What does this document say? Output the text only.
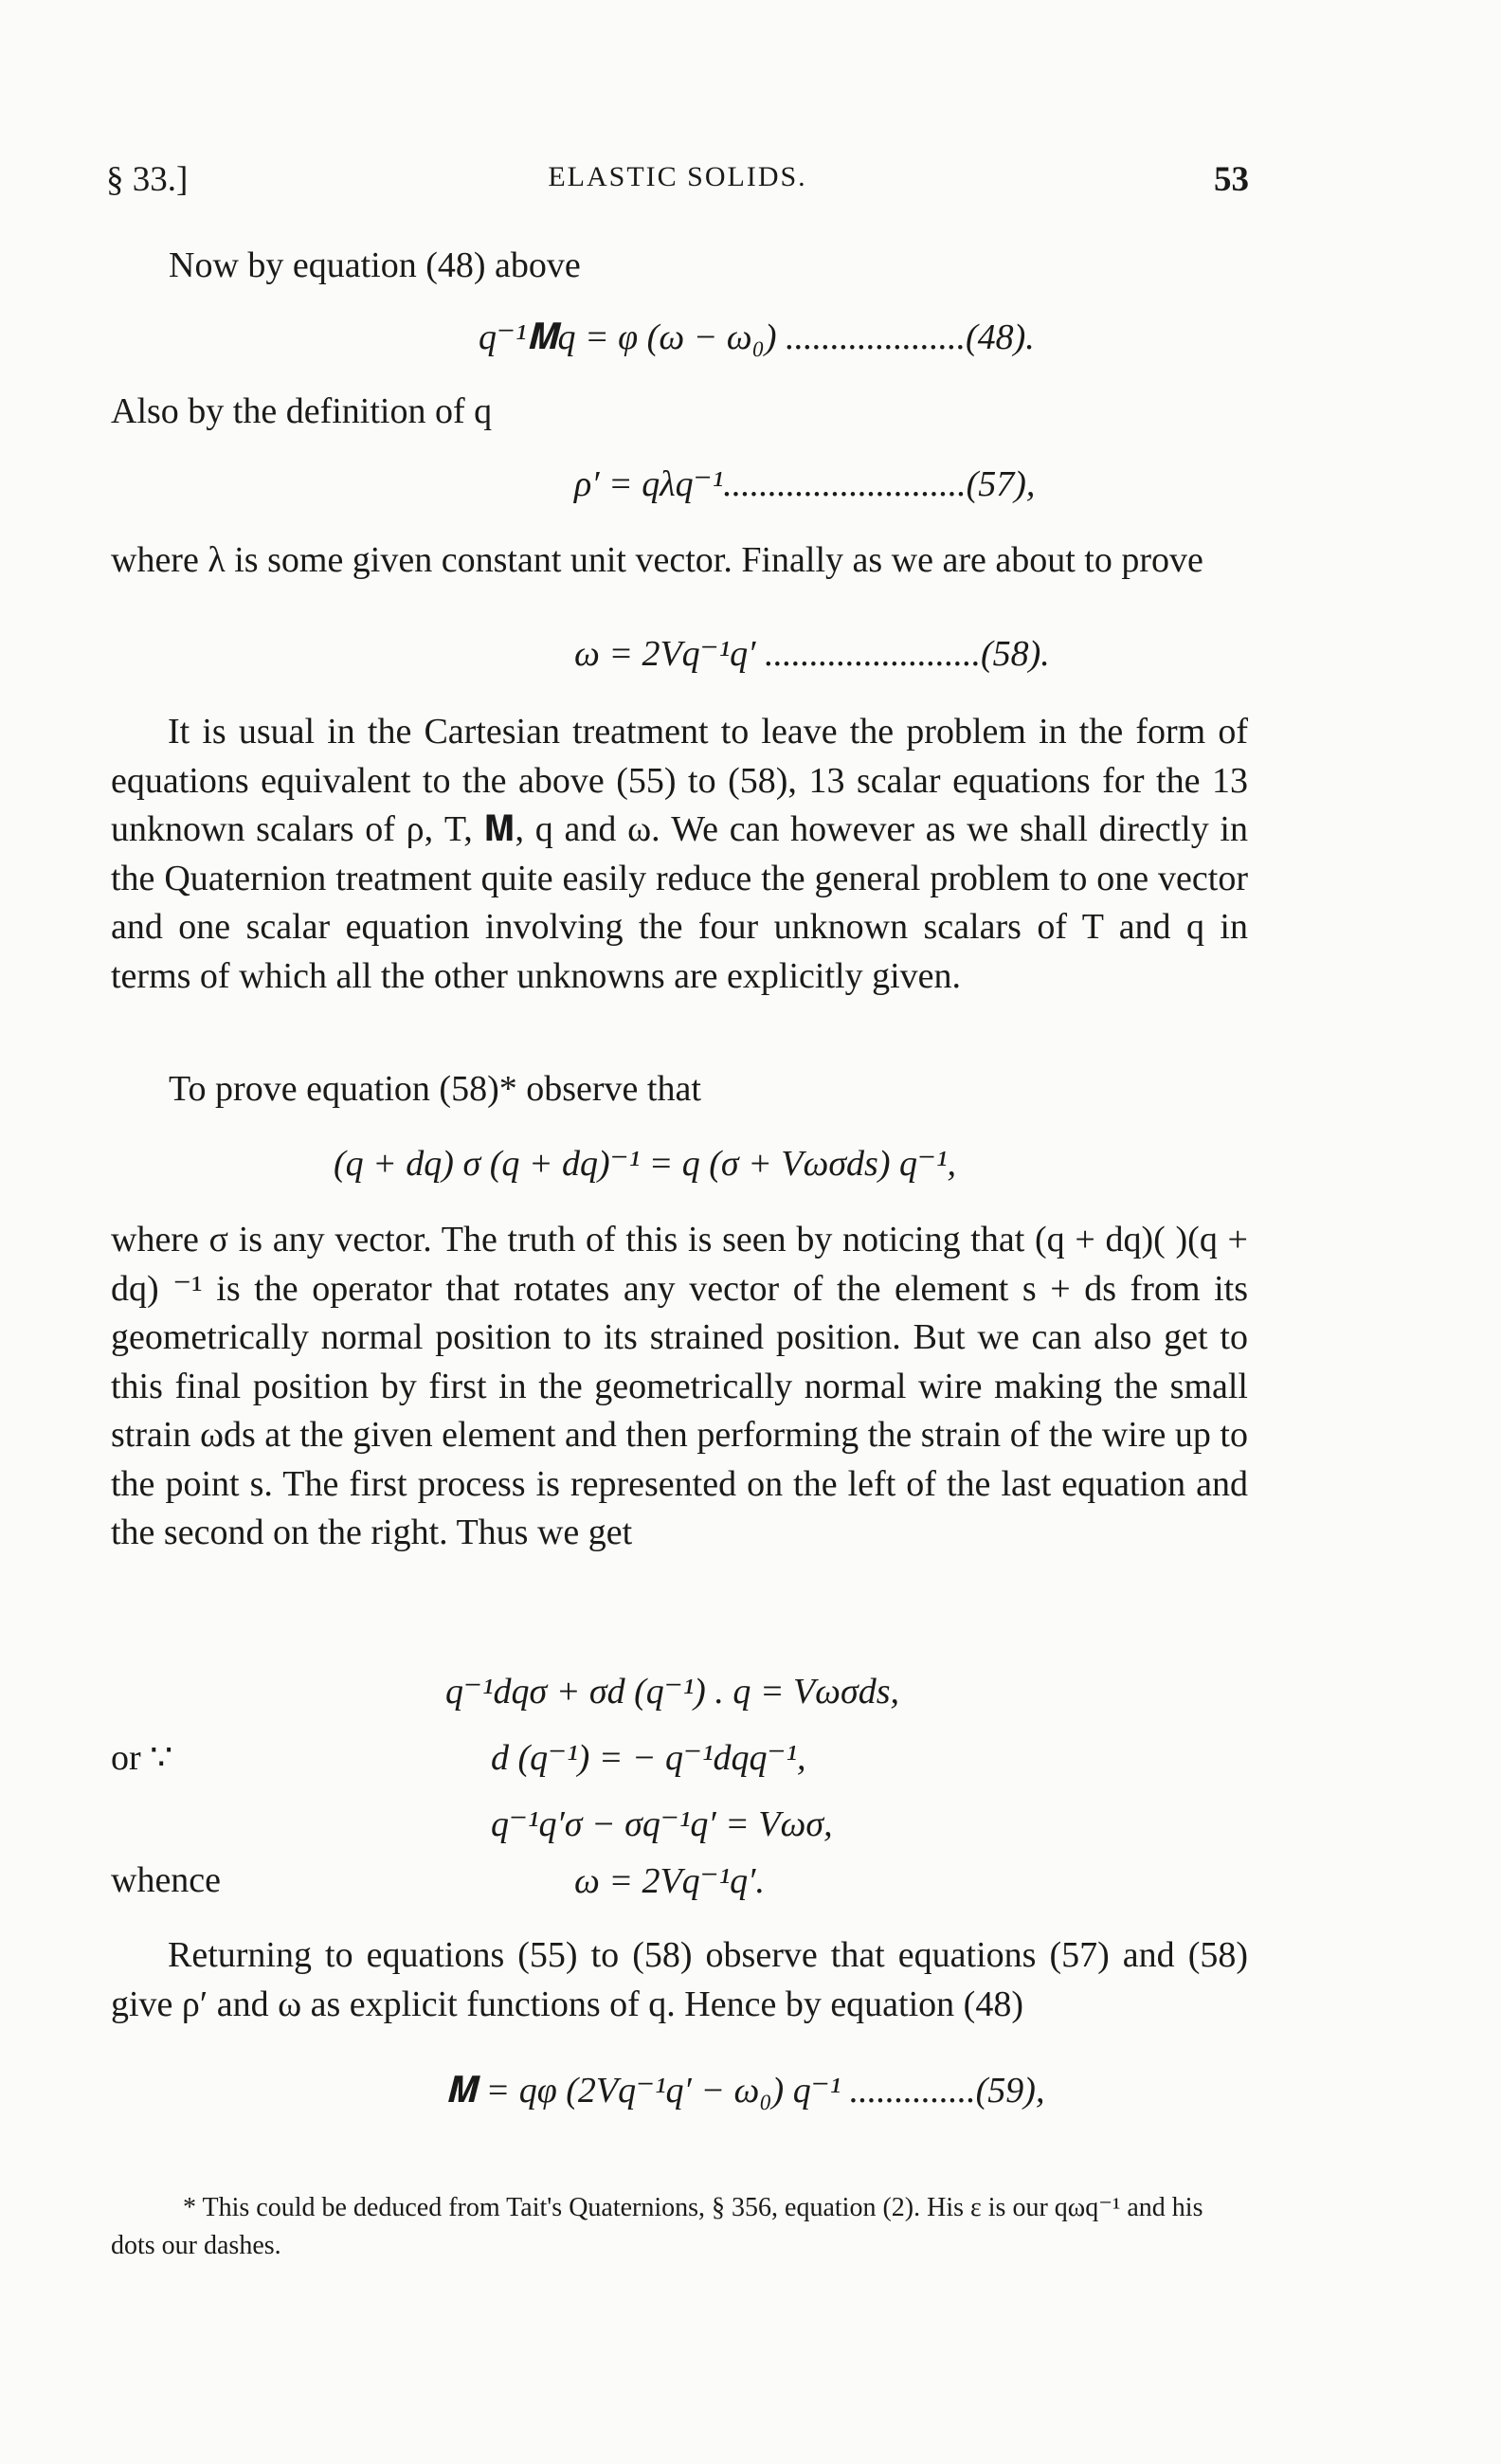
§ 33.]	ELASTIC SOLIDS.	53

Now by equation (48) above

q⁻¹𝐌q = φ (ω − ω₀) ....................(48).

Also by the definition of q

ρ′ = qλq⁻¹...........................(57),

where λ is some given constant unit vector. Finally as we are about to prove

ω = 2Vq⁻¹q′ ........................(58).

It is usual in the Cartesian treatment to leave the problem in the form of equations equivalent to the above (55) to (58), 13 scalar equations for the 13 unknown scalars of ρ, T, 𝐌, q and ω. We can however as we shall directly in the Quaternion treatment quite easily reduce the general problem to one vector and one scalar equation involving the four unknown scalars of T and q in terms of which all the other unknowns are explicitly given.

To prove equation (58)* observe that

(q + dq) σ (q + dq)⁻¹ = q (σ + Vωσds) q⁻¹,

where σ is any vector. The truth of this is seen by noticing that (q + dq)( )(q + dq) ⁻¹ is the operator that rotates any vector of the element s + ds from its geometrically normal position to its strained position. But we can also get to this final position by first in the geometrically normal wire making the small strain ωds at the given element and then performing the strain of the wire up to the point s. The first process is represented on the left of the last equation and the second on the right. Thus we get

q⁻¹dqσ + σd (q⁻¹) . q = Vωσds,

or ∵	d (q⁻¹) = − q⁻¹dqq⁻¹,

q⁻¹q′σ − σq⁻¹q′ = Vωσ,

whence	ω = 2Vq⁻¹q′.

Returning to equations (55) to (58) observe that equations (57) and (58) give ρ′ and ω as explicit functions of q. Hence by equation (48)

𝐌 = qφ (2Vq⁻¹q′ − ω₀) q⁻¹ ..............(59),

* This could be deduced from Tait's Quaternions, § 356, equation (2). His ε is our qωq⁻¹ and his dots our dashes.
